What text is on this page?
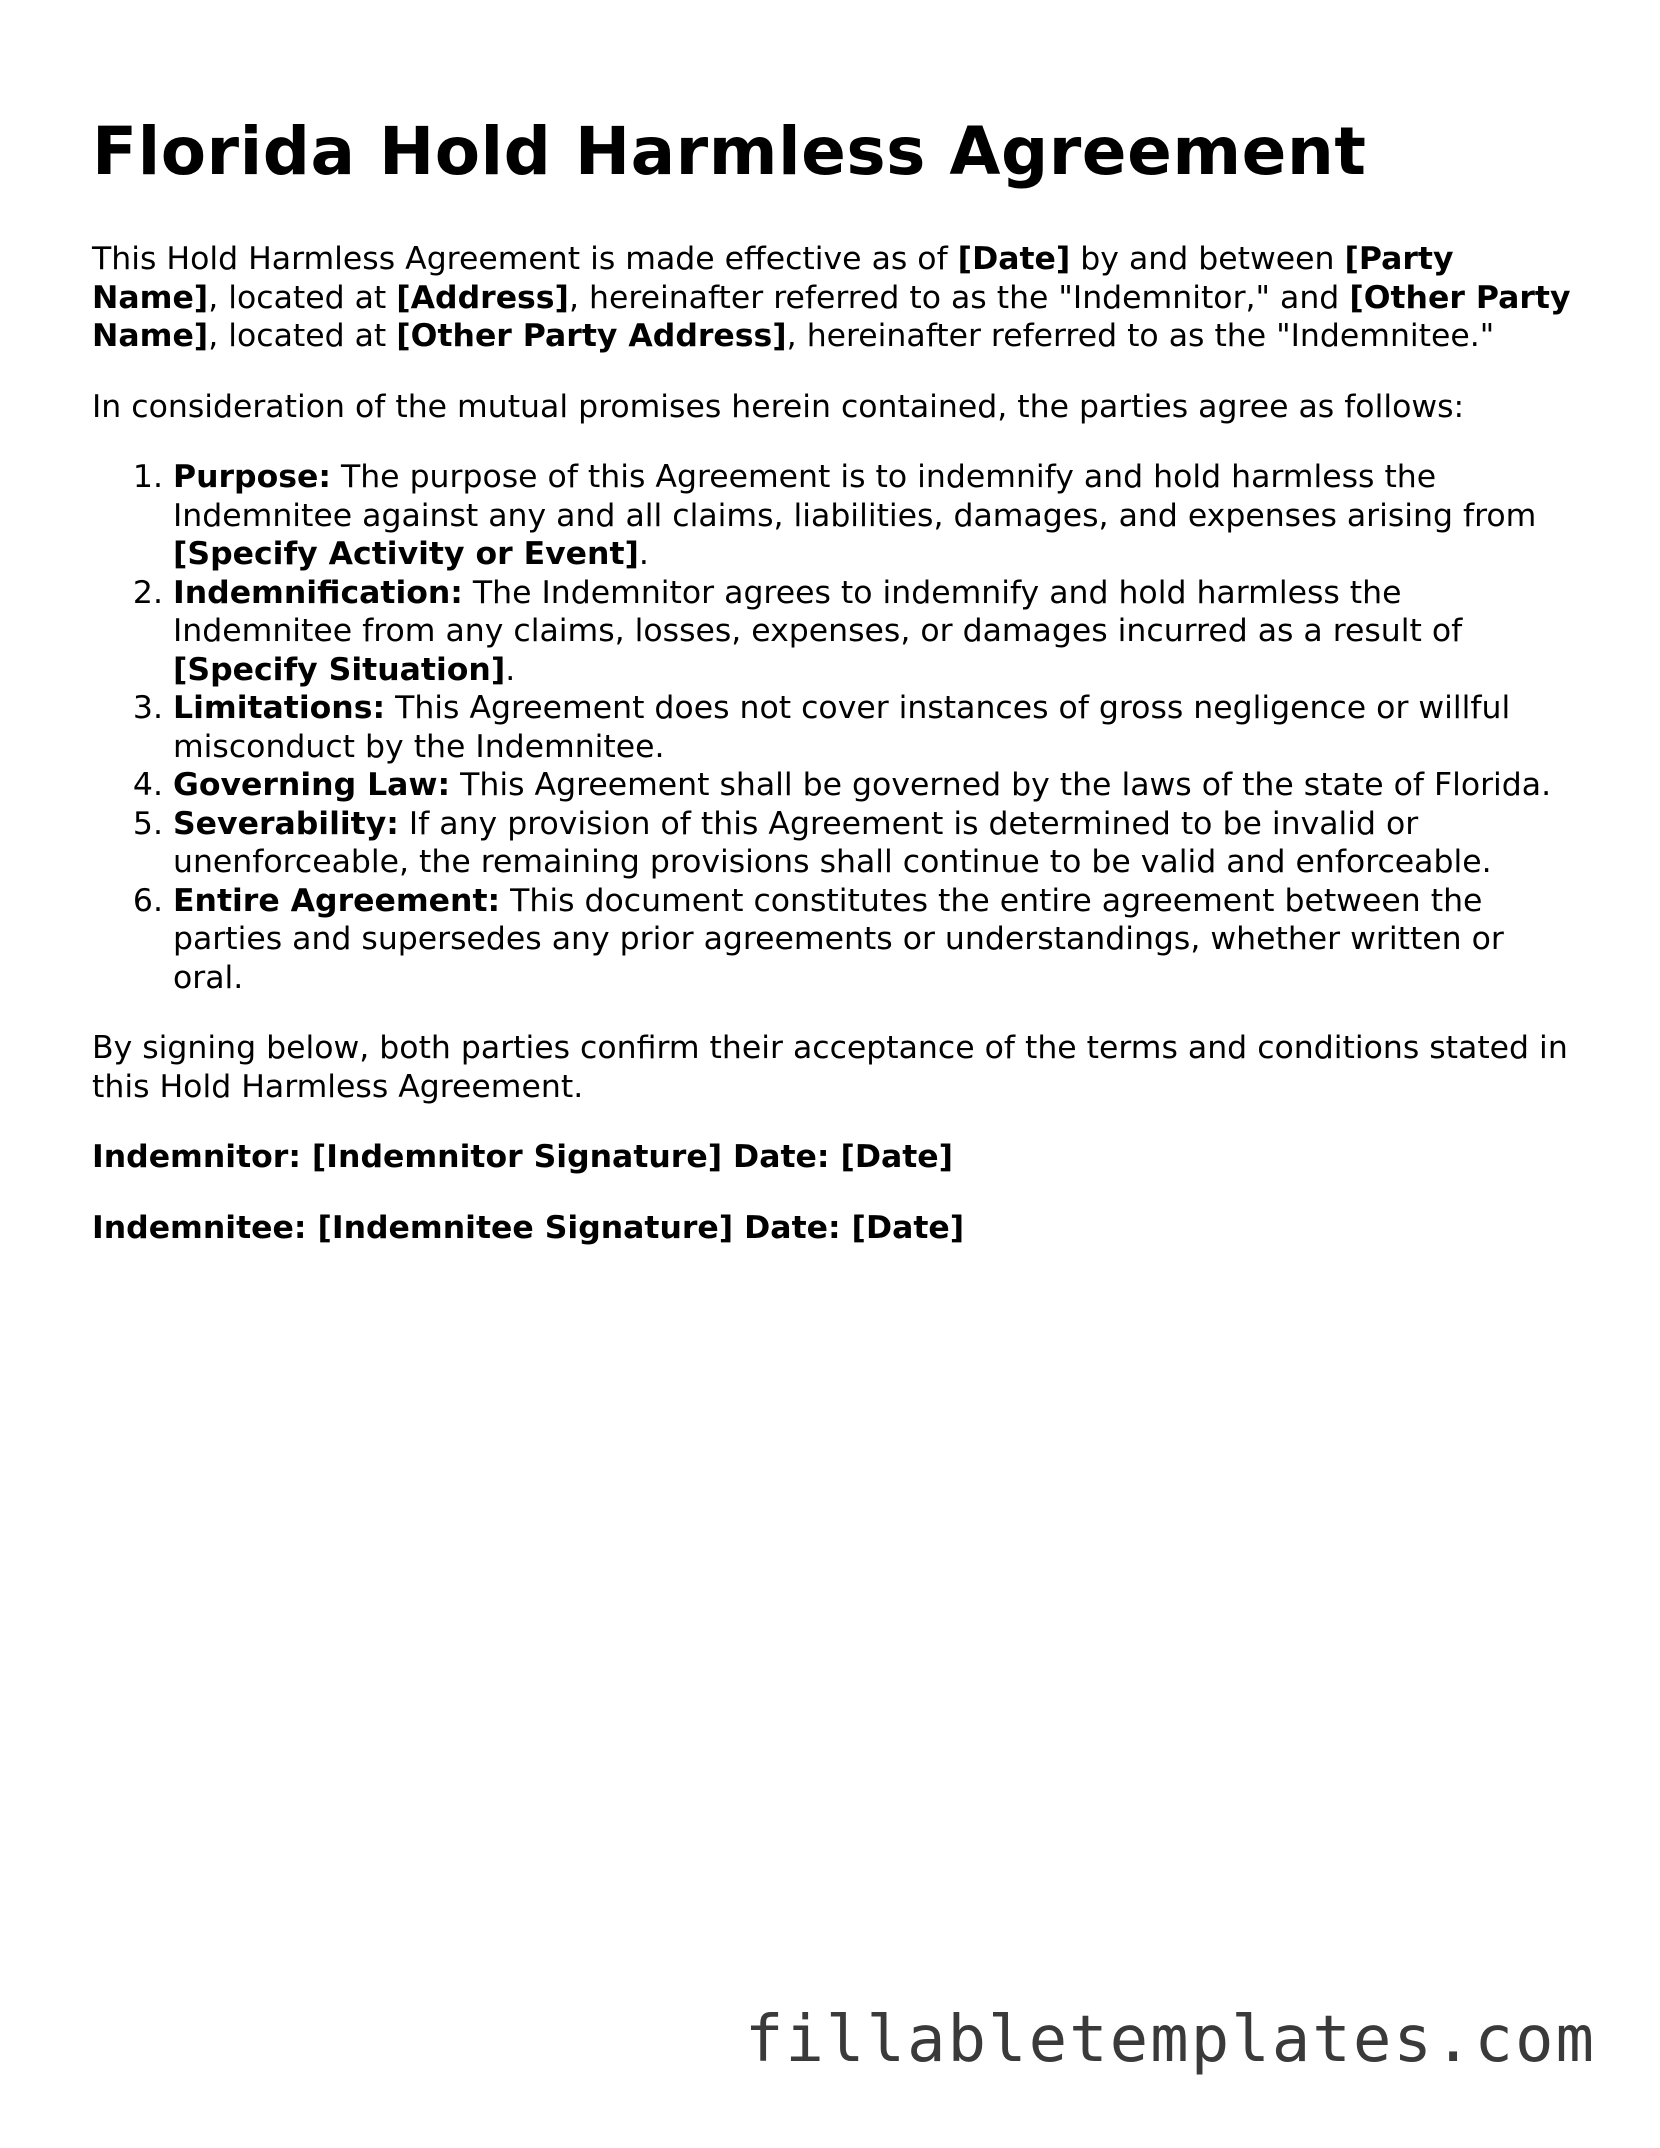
Florida Hold Harmless Agreement

This Hold Harmless Agreement is made effective as of [Date] by and between [Party Name], located at [Address], hereinafter referred to as the "Indemnitor," and [Other Party Name], located at [Other Party Address], hereinafter referred to as the "Indemnitee."

In consideration of the mutual promises herein contained, the parties agree as follows:

1. Purpose: The purpose of this Agreement is to indemnify and hold harmless the Indemnitee against any and all claims, liabilities, damages, and expenses arising from [Specify Activity or Event].
2. Indemnification: The Indemnitor agrees to indemnify and hold harmless the Indemnitee from any claims, losses, expenses, or damages incurred as a result of [Specify Situation].
3. Limitations: This Agreement does not cover instances of gross negligence or willful misconduct by the Indemnitee.
4. Governing Law: This Agreement shall be governed by the laws of the state of Florida.
5. Severability: If any provision of this Agreement is determined to be invalid or unenforceable, the remaining provisions shall continue to be valid and enforceable.
6. Entire Agreement: This document constitutes the entire agreement between the parties and supersedes any prior agreements or understandings, whether written or oral.

By signing below, both parties confirm their acceptance of the terms and conditions stated in this Hold Harmless Agreement.

Indemnitor: [Indemnitor Signature] Date: [Date]

Indemnitee: [Indemnitee Signature] Date: [Date]

fillabletemplates.com
